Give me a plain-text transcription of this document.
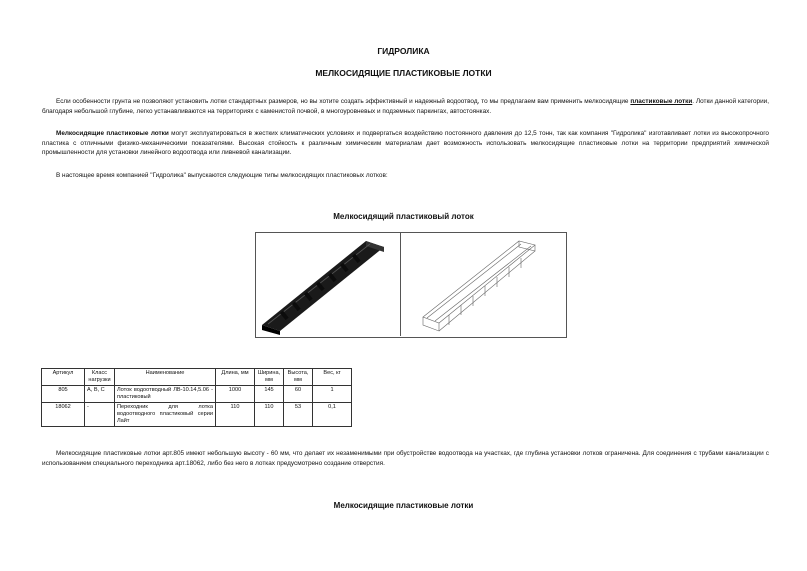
ГИДРОЛИКА
МЕЛКОСИДЯЩИЕ ПЛАСТИКОВЫЕ ЛОТКИ

Если особенности грунта не позволяют установить лотки стандартных размеров, но вы хотите создать эффективный и надежный водоотвод, то мы предлагаем вам применить мелкосидящие пластиковые лотки. Лотки данной категории, благодаря небольшой глубине, легко устанавливаются на территориях с каменистой почвой, в многоуровневых и подземных паркингах, автостоянках.

Мелкосидящие пластиковые лотки могут эксплуатироваться в жестких климатических условиях и подвергаться воздействию постоянного давления до 12,5 тонн, так как компания "Гидролика" изготавливает лотки из высокопрочного пластика с отличными физико-механическими показателями. Высокая стойкость к различным химическим материалам дает возможность использовать мелкосидящие пластиковые лотки на территории предприятий химической промышленности для установки линейного водоотвода или ливневой канализации.

В настоящее время компанией "Гидролика" выпускаются следующие типы мелкосидящих пластиковых лотков:

Мелкосидящий пластиковый лоток
Артикул	Класс нагрузки	Наименование	Длина, мм	Ширина, мм	Высота, мм	Вес, кг
805	А, В, С	Лоток водоотводный ЛВ-10.14,5.06 - пластиковый	1000	145	60	1
18062	-	Переходник для лотка водоотводного пластиковый серии Лайт	110	110	53	0,1

Мелкосидящие пластиковые лотки арт.805 имеют небольшую высоту - 60 мм, что делает их незаменимыми при обустройстве водоотвода на участках, где глубина установки лотков ограничена. Для соединения с трубами канализации с использованием специального переходника арт.18062, либо без него в лотках предусмотрено создание отверстия.

Мелкосидящие пластиковые лотки
